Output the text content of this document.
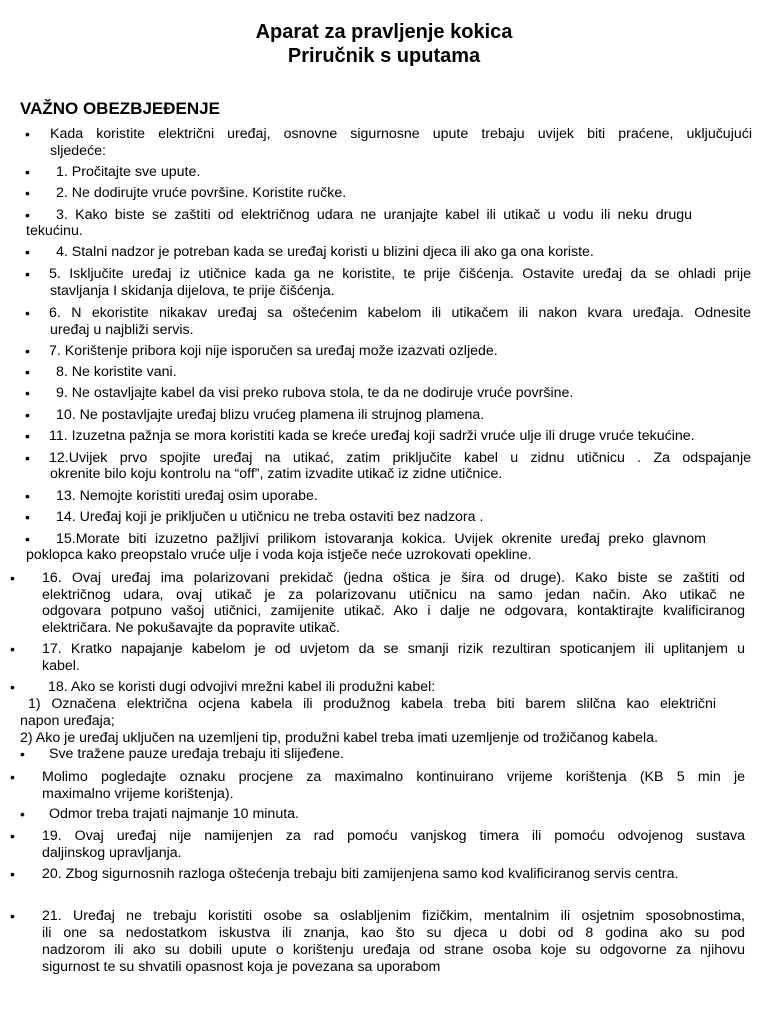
Aparat za pravljenje kokica
Priručnik s uputama
VAŽNO OBEZBJEĐENJE
• Kada koristite električni uređaj, osnovne sigurnosne upute trebaju uvijek biti praćene, uključujući
sljedeće:
• 1. Pročitajte sve upute.
• 2. Ne dodirujte vruće površine. Koristite ručke.
• 3. Kako biste se zaštiti od električnog udara ne uranjajte kabel ili utikač u vodu ili neku drugu
tekućinu.
• 4. Stalni nadzor je potreban kada se uređaj koristi u blizini djeca ili ako ga ona koriste.
• 5. Isključite uređaj iz utičnice kada ga ne koristite, te prije čišćenja. Ostavite uređaj da se ohladi prije
stavljanja I skidanja dijelova, te prije čišćenja.
• 6. N ekoristite nikakav uređaj sa oštećenim kabelom ili utikačem ili nakon kvara uređaja. Odnesite
uređaj u najbliži servis.
• 7. Korištenje pribora koji nije isporučen sa uređaj može izazvati ozljede.
• 8. Ne koristite vani.
• 9. Ne ostavljajte kabel da visi preko rubova stola, te da ne dodiruje vruće površine.
• 10. Ne postavljajte uređaj blizu vrućeg plamena ili strujnog plamena.
• 11. Izuzetna pažnja se mora koristiti kada se kreće uređaj koji sadrži vruće ulje ili druge vruće tekućine.
• 12.Uvijek prvo spojite uređaj na utikać, zatim priključite kabel u zidnu utičnicu . Za odspajanje
okrenite bilo koju kontrolu na “off”, zatim izvadite utikač iz zidne utičnice.
• 13. Nemojte koristiti uređaj osim uporabe.
• 14. Uređaj koji je priključen u utičnicu ne treba ostaviti bez nadzora .
• 15.Morate biti izuzetno pažljivi prilikom istovaranja kokica. Uvijek okrenite uređaj preko glavnom
poklopca kako preopstalo vruće ulje i voda koja istječe neće uzrokovati opekline.
• 16. Ovaj uređaj ima polarizovani prekidač (jedna oštica je šira od druge). Kako biste se zaštiti od
električnog udara, ovaj utikač je za polarizovanu utičnicu na samo jedan način. Ako utikač ne
odgovara potpuno vašoj utičnici, zamijenite utikač. Ako i dalje ne odgovara, kontaktirajte kvalificiranog
električara. Ne pokušavajte da popravite utikač.
• 17. Kratko napajanje kabelom je od uvjetom da se smanji rizik rezultiran spoticanjem ili uplitanjem u
kabel.
• 18. Ako se koristi dugi odvojivi mrežni kabel ili produžni kabel:
1) Označena električna ocjena kabela ili produžnog kabela treba biti barem slilčna kao električni
napon uređaja;
2) Ako je uređaj uključen na uzemljeni tip, produžni kabel treba imati uzemljenje od trožičanog kabela.
• Sve tražene pauze uređaja trebaju iti slijeđene.
• Molimo pogledajte oznaku procjene za maximalno kontinuirano vrijeme korištenja (KB 5 min je
maximalno vrijeme korištenja).
• Odmor treba trajati najmanje 10 minuta.
• 19. Ovaj uređaj nije namijenjen za rad pomoću vanjskog timera ili pomoću odvojenog sustava
daljinskog upravljanja.
• 20. Zbog sigurnosnih razloga oštećenja trebaju biti zamijenjena samo kod kvalificiranog servis centra.
• 21. Uređaj ne trebaju koristiti osobe sa oslabljenim fizičkim, mentalnim ili osjetnim sposobnostima,
ili one sa nedostatkom iskustva ili znanja, kao što su djeca u dobi od 8 godina ako su pod
nadzorom ili ako su dobili upute o korištenju uređaja od strane osoba koje su odgovorne za njihovu
sigurnost te su shvatili opasnost koja je povezana sa uporabom
